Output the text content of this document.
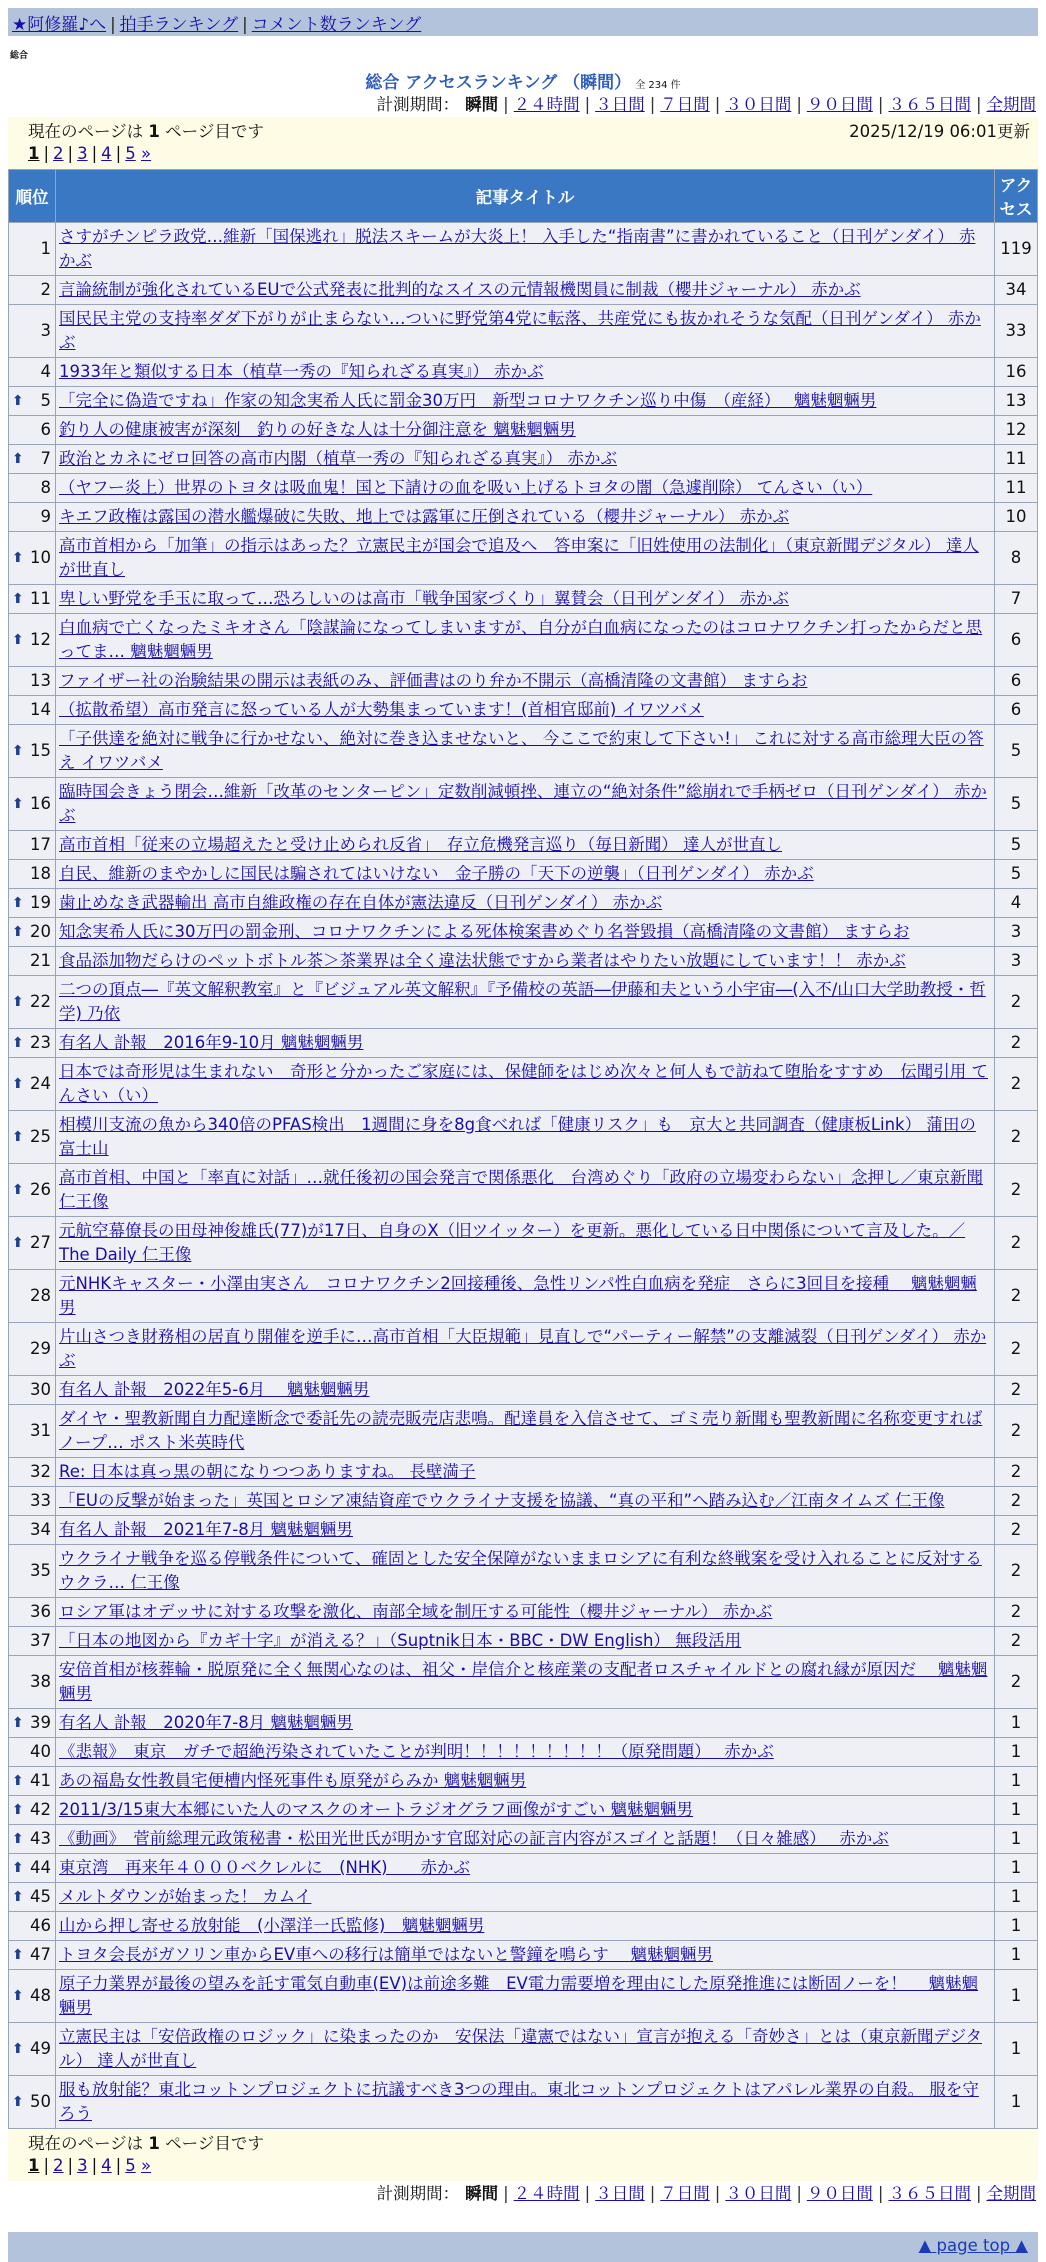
★阿修羅♪へ | 拍手ランキング | コメント数ランキング
総合
総合 アクセスランキング （瞬間） 全 234 件
計測期間： 瞬間 | ２４時間 | ３日間 | ７日間 | ３０日間 | ９０日間 | ３６５日間 | 全期間
現在のページは 1 ページ目です	2025/12/19 06:01更新
1 | 2 | 3 | 4 | 5 »
順位	記事タイトル	アクセス
1	さすがチンピラ政党…維新「国保逃れ」脱法スキームが大炎上！ 入手した“指南書”に書かれていること（日刊ゲンダイ） 赤かぶ	119
2	言論統制が強化されているEUで公式発表に批判的なスイスの元情報機関員に制裁（櫻井ジャーナル） 赤かぶ	34
3	国民民主党の支持率ダダ下がりが止まらない…ついに野党第4党に転落、共産党にも抜かれそうな気配（日刊ゲンダイ） 赤かぶ	33
4	1933年と類似する日本（植草一秀の『知られざる真実』） 赤かぶ	16

⬆ 5	「完全に偽造ですね」作家の知念実希人氏に罰金30万円　新型コロナワクチン巡り中傷　（産経）　 魑魅魍魎男	13
6	釣り人の健康被害が深刻　釣りの好きな人は十分御注意を 魑魅魍魎男	12

⬆ 7	政治とカネにゼロ回答の高市内閣（植草一秀の『知られざる真実』） 赤かぶ	11
8	（ヤフー炎上）世界のトヨタは吸血鬼！国と下請けの血を吸い上げるトヨタの闇（急遽削除） てんさい（い）	11
9	キエフ政権は露国の潜水艦爆破に失敗、地上では露軍に圧倒されている（櫻井ジャーナル） 赤かぶ	10

⬆ 10	高市首相から「加筆」の指示はあった？立憲民主が国会で追及へ　答申案に「旧姓使用の法制化」（東京新聞デジタル） 達人が世直し	8

⬆ 11	卑しい野党を手玉に取って…恐ろしいのは高市「戦争国家づくり」翼賛会（日刊ゲンダイ） 赤かぶ	7

⬆ 12	白血病で亡くなったミキオさん「陰謀論になってしまいますが、自分が白血病になったのはコロナワクチン打ったからだと思ってま… 魑魅魍魎男	6
13	ファイザー社の治験結果の開示は表紙のみ、評価書はのり弁か不開示（高橋清隆の文書館） ますらお	6
14	（拡散希望）高市発言に怒っている人が大勢集まっています！(首相官邸前) イワツバメ	6

⬆ 15	「子供達を絶対に戦争に行かせない、絶対に巻き込ませないと、 今ここで約束して下さい!」 これに対する高市総理大臣の答え イワツバメ	5

⬆ 16	臨時国会きょう閉会…維新「改革のセンターピン」定数削減頓挫、連立の“絶対条件”総崩れで手柄ゼロ（日刊ゲンダイ） 赤かぶ	5
17	高市首相「従来の立場超えたと受け止められ反省」　存立危機発言巡り（毎日新聞） 達人が世直し	5
18	自民、維新のまやかしに国民は騙されてはいけない　金子勝の「天下の逆襲」（日刊ゲンダイ） 赤かぶ	5

⬆ 19	歯止めなき武器輸出 高市自維政権の存在自体が憲法違反（日刊ゲンダイ） 赤かぶ	4

⬆ 20	知念実希人氏に30万円の罰金刑、コロナワクチンによる死体検案書めぐり名誉毀損（高橋清隆の文書館） ますらお	3
21	食品添加物だらけのペットボトル茶＞茶業界は全く違法状態ですから業者はやりたい放題にしています！！ 赤かぶ	3

⬆ 22	二つの頂点―『英文解釈教室』と『ビジュアル英文解釈』『予備校の英語―伊藤和夫という小宇宙―(入不/山口大学助教授・哲学) 乃依	2

⬆ 23	有名人 訃報　2016年9-10月 魑魅魍魎男	2

⬆ 24	日本では奇形児は生まれない　奇形と分かったご家庭には、保健師をはじめ次々と何人もで訪ねて堕胎をすすめ　伝聞引用 てんさい（い）	2

⬆ 25	相模川支流の魚から340倍のPFAS検出　1週間に身を8g食べれば「健康リスク」も　京大と共同調査（健康板Link） 蒲田の富士山	2

⬆ 26	高市首相、中国と「率直に対話」…就任後初の国会発言で関係悪化　台湾めぐり「政府の立場変わらない」念押し／東京新聞 仁王像	2

⬆ 27	元航空幕僚長の田母神俊雄氏(77)が17日、自身のX（旧ツイッター）を更新。悪化している日中関係について言及した。／The Daily 仁王像	2
28	元NHKキャスター・小澤由実さん　コロナワクチン2回接種後、急性リンパ性白血病を発症　さらに3回目を接種　 魑魅魍魎男	2
29	片山さつき財務相の居直り開催を逆手に…高市首相「大臣規範」見直しで“パーティー解禁”の支離滅裂（日刊ゲンダイ） 赤かぶ	2
30	有名人 訃報　2022年5-6月　 魑魅魍魎男	2
31	ダイヤ・聖教新聞自力配達断念で委託先の読売販売店悲鳴。配達員を入信させて、ゴミ売り新聞も聖教新聞に名称変更すればノープ… ポスト米英時代	2
32	Re: 日本は真っ黒の朝になりつつありますね。 長壁満子	2
33	「EUの反撃が始まった」英国とロシア凍結資産でウクライナ支援を協議、“真の平和”へ踏み込む／江南タイムズ 仁王像	2
34	有名人 訃報　2021年7-8月 魑魅魍魎男	2
35	ウクライナ戦争を巡る停戦条件について、確固とした安全保障がないままロシアに有利な終戦案を受け入れることに反対するウクラ… 仁王像	2
36	ロシア軍はオデッサに対する攻撃を激化、南部全域を制圧する可能性（櫻井ジャーナル） 赤かぶ	2
37	「日本の地図から『カギ十字』が消える？」（Suptnik日本・BBC・DW English） 無段活用	2
38	安倍首相が核葬輪・脱原発に全く無関心なのは、祖父・岸信介と核産業の支配者ロスチャイルドとの腐れ縁が原因だ　 魑魅魍魎男	2

⬆ 39	有名人 訃報　2020年7-8月 魑魅魍魎男	1
40	《悲報》　東京　ガチで超絶汚染されていたことが判明！！！！！！！！！（原発問題）　 赤かぶ	1

⬆ 41	あの福島女性教員宅便槽内怪死事件も原発がらみか 魑魅魍魎男	1

⬆ 42	2011/3/15東大本郷にいた人のマスクのオートラジオグラフ画像がすごい 魑魅魍魎男	1

⬆ 43	《動画》　菅前総理元政策秘書・松田光世氏が明かす官邸対応の証言内容がスゴイと話題！（日々雑感）　 赤かぶ	1

⬆ 44	東京湾　再来年４０００ベクレルに　(NHK)　　赤かぶ	1

⬆ 45	メルトダウンが始まった！ カムイ	1
46	山から押し寄せる放射能　(小澤洋一氏監修)　魑魅魍魎男	1

⬆ 47	トヨタ会長がガソリン車からEV車への移行は簡単ではないと警鐘を鳴らす　 魑魅魍魎男	1

⬆ 48	原子力業界が最後の望みを託す電気自動車(EV)は前途多難　EV電力需要増を理由にした原発推進には断固ノーを！　 魑魅魍魎男	1

⬆ 49	立憲民主は「安倍政権のロジック」に染まったのか　安保法「違憲ではない」宣言が抱える「奇妙さ」とは（東京新聞デジタル） 達人が世直し	1

⬆ 50	服も放射能？東北コットンプロジェクトに抗議すべき3つの理由。東北コットンプロジェクトはアパレル業界の自殺。 服を守ろう	1
現在のページは 1 ページ目です
1 | 2 | 3 | 4 | 5 »
計測期間： 瞬間 | ２４時間 | ３日間 | ７日間 | ３０日間 | ９０日間 | ３６５日間 | 全期間
▲ page top ▲
